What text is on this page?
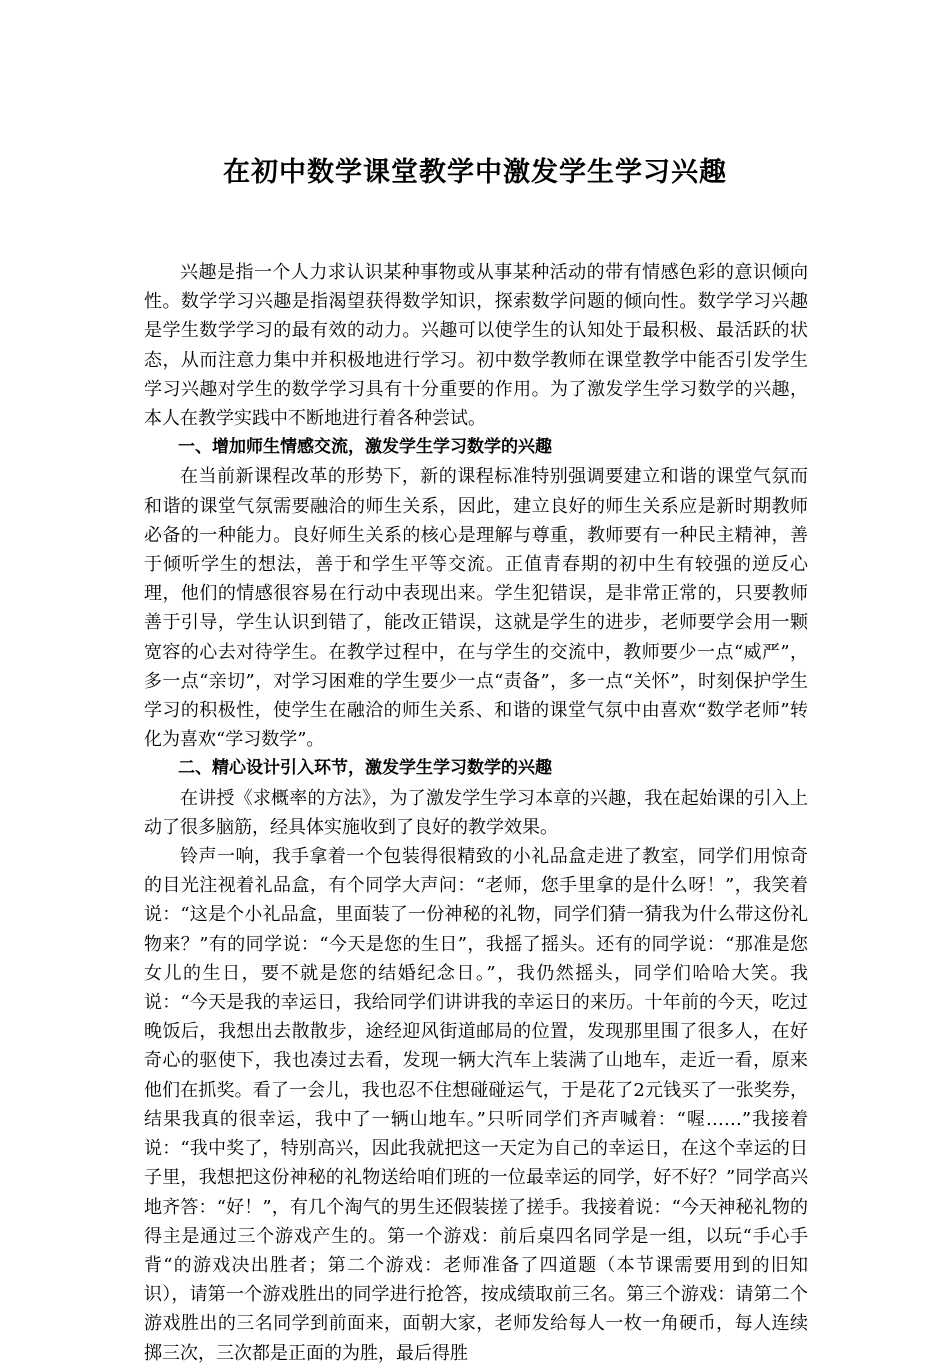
在初中数学课堂教学中激发学生学习兴趣

兴趣是指一个人力求认识某种事物或从事某种活动的带有情感色彩的意识倾向性。数学学习兴趣是指渴望获得数学知识，探索数学问题的倾向性。数学学习兴趣是学生数学学习的最有效的动力。兴趣可以使学生的认知处于最积极、最活跃的状态，从而注意力集中并积极地进行学习。初中数学教师在课堂教学中能否引发学生学习兴趣对学生的数学学习具有十分重要的作用。为了激发学生学习数学的兴趣，本人在教学实践中不断地进行着各种尝试。

一、增加师生情感交流，激发学生学习数学的兴趣

在当前新课程改革的形势下，新的课程标准特别强调要建立和谐的课堂气氛而和谐的课堂气氛需要融洽的师生关系，因此，建立良好的师生关系应是新时期教师必备的一种能力。良好师生关系的核心是理解与尊重，教师要有一种民主精神，善于倾听学生的想法，善于和学生平等交流。正值青春期的初中生有较强的逆反心理，他们的情感很容易在行动中表现出来。学生犯错误，是非常正常的，只要教师善于引导，学生认识到错了，能改正错误，这就是学生的进步，老师要学会用一颗宽容的心去对待学生。在教学过程中，在与学生的交流中，教师要少一点“威严”，多一点“亲切”，对学习困难的学生要少一点“责备”，多一点“关怀”，时刻保护学生学习的积极性，使学生在融洽的师生关系、和谐的课堂气氛中由喜欢“数学老师”转化为喜欢“学习数学”。

二、精心设计引入环节，激发学生学习数学的兴趣

在讲授《求概率的方法》，为了激发学生学习本章的兴趣，我在起始课的引入上动了很多脑筋，经具体实施收到了良好的教学效果。

铃声一响，我手拿着一个包装得很精致的小礼品盒走进了教室，同学们用惊奇的目光注视着礼品盒，有个同学大声问：“老师，您手里拿的是什么呀！”，我笑着说：“这是个小礼品盒，里面装了一份神秘的礼物，同学们猜一猜我为什么带这份礼物来？”有的同学说：“今天是您的生日”，我摇了摇头。还有的同学说：“那准是您女儿的生日，要不就是您的结婚纪念日。”，我仍然摇头，同学们哈哈大笑。我说：“今天是我的幸运日，我给同学们讲讲我的幸运日的来历。十年前的今天，吃过晚饭后，我想出去散散步，途经迎风街道邮局的位置，发现那里围了很多人，在好奇心的驱使下，我也凑过去看，发现一辆大汽车上装满了山地车，走近一看，原来他们在抓奖。看了一会儿，我也忍不住想碰碰运气，于是花了2元钱买了一张奖券，结果我真的很幸运，我中了一辆山地车。”只听同学们齐声喊着：“喔……”我接着说：“我中奖了，特别高兴，因此我就把这一天定为自己的幸运日，在这个幸运的日子里，我想把这份神秘的礼物送给咱们班的一位最幸运的同学，好不好？”同学高兴地齐答：“好！”，有几个淘气的男生还假装搓了搓手。我接着说：“今天神秘礼物的得主是通过三个游戏产生的。第一个游戏：前后桌四名同学是一组，以玩“手心手背“的游戏决出胜者；第二个游戏：老师准备了四道题（本节课需要用到的旧知识），请第一个游戏胜出的同学进行抢答，按成绩取前三名。第三个游戏：请第二个游戏胜出的三名同学到前面来，面朝大家，老师发给每人一枚一角硬币，每人连续掷三次，三次都是正面的为胜，最后得胜
